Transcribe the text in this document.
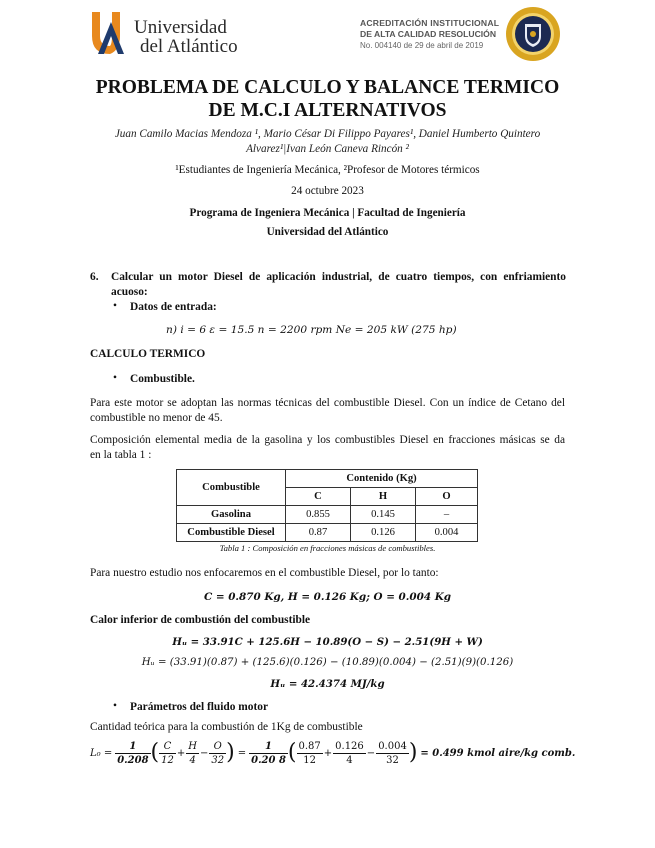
Universidad
del Atlántico
ACREDITACIÓN INSTITUCIONAL
DE ALTA CALIDAD RESOLUCIÓN
No. 004140 de 29 de abril de 2019
PROBLEMA DE CALCULO Y BALANCE TERMICO
DE M.C.I ALTERNATIVOS
Juan Camilo Macias Mendoza ¹, Mario César Di Filippo Payares¹, Daniel Humberto Quintero
Alvarez¹|Ivan León Caneva Rincón ²
¹Estudiantes de Ingeniería Mecánica, ²Profesor de Motores térmicos
24 octubre 2023
Programa de Ingeniera Mecánica | Facultad de Ingeniería
Universidad del Atlántico
6. Calcular un motor Diesel de aplicación industrial, de cuatro tiempos, con enfriamiento
acuoso:
• Datos de entrada:
n) i = 6 ε = 15.5 n = 2200 rpm Ne = 205 kW (275 hp)
CALCULO TERMICO
• Combustible.
Para este motor se adoptan las normas técnicas del combustible Diesel. Con un índice de Cetano del
combustible no menor de 45.
Composición elemental media de la gasolina y los combustibles Diesel en fracciones másicas se da
en la tabla 1 :
Combustible	Contenido (Kg)		
	C	H	O
Gasolina	0.855	0.145	–
Combustible Diesel	0.87	0.126	0.004
Tabla 1 : Composición en fracciones másicas de combustibles.
Para nuestro estudio nos enfocaremos en el combustible Diesel, por lo tanto:
C = 0.870 Kg, H = 0.126 Kg; O = 0.004 Kg
Calor inferior de combustión del combustible
Hᵤ = 33.91C + 125.6H − 10.89(O − S) − 2.51(9H + W)
Hᵤ = (33.91)(0.87) + (125.6)(0.126) − (10.89)(0.004) − (2.51)(9)(0.126)
Hᵤ = 42.4374 MJ/kg
• Parámetros del fluido motor
Cantidad teórica para la combustión de 1Kg de combustible
$L_0 = \frac{1}{0.208}$ ( $\frac{C}{12} + \frac{H}{4} - \frac{O}{32}$ ) = $\frac{1}{0.20 8}$ ( $\frac{0.87}{12} + \frac{0.126}{4} - \frac{0.004}{32}$ ) = 0.499 kmol aire/kg comb.
